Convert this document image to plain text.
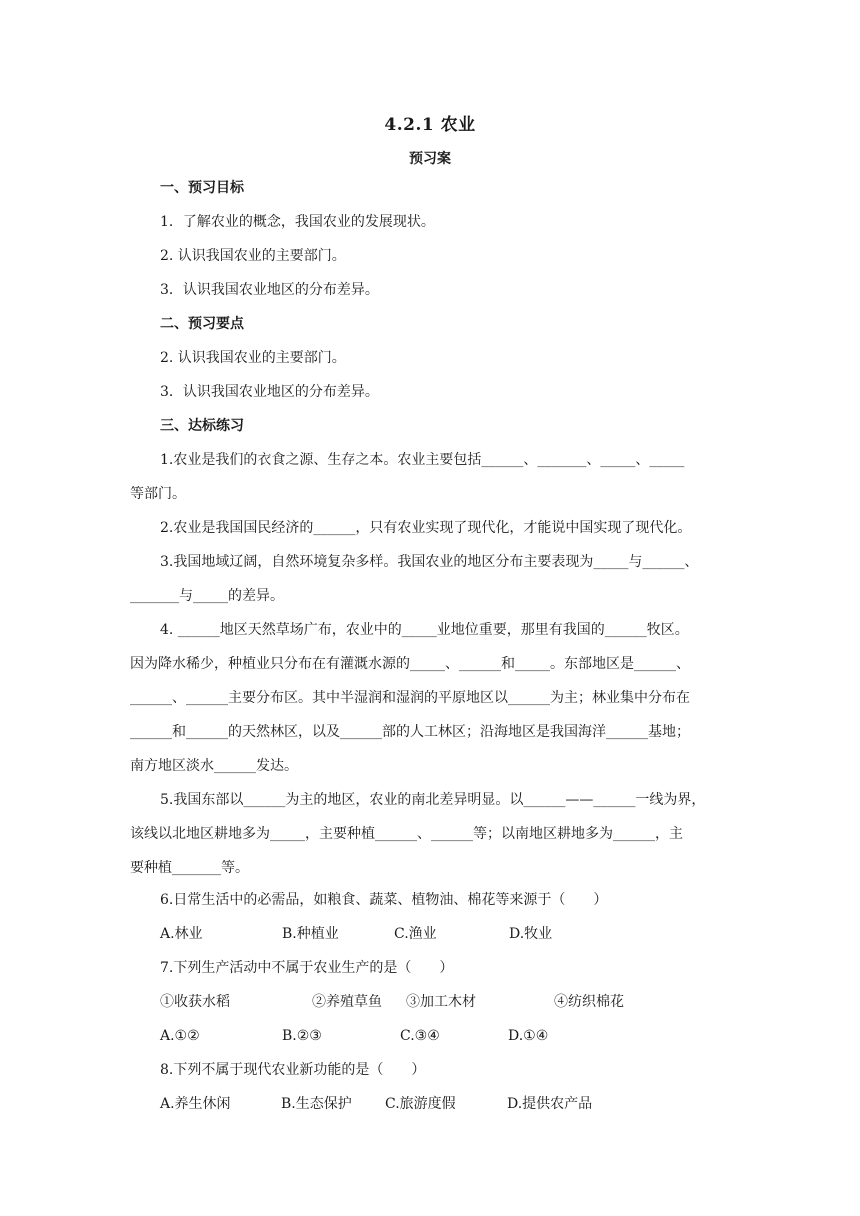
4.2.1 农业
预习案
一、预习目标
1．了解农业的概念，我国农业的发展现状。
2. 认识我国农业的主要部门。
3．认识我国农业地区的分布差异。
二、预习要点
2. 认识我国农业的主要部门。
3．认识我国农业地区的分布差异。
三、达标练习
1.农业是我们的衣食之源、生存之本。农业主要包括______、_______、_____、_____
等部门。
2.农业是我国国民经济的______，只有农业实现了现代化，才能说中国实现了现代化。
3.我国地域辽阔，自然环境复杂多样。我国农业的地区分布主要表现为_____与______、
_______与_____的差异。
4. ______地区天然草场广布，农业中的_____业地位重要，那里有我国的______牧区。
因为降水稀少，种植业只分布在有灌溉水源的_____、______和_____。东部地区是______、
______、______主要分布区。其中半湿润和湿润的平原地区以______为主；林业集中分布在
______和______的天然林区，以及______部的人工林区；沿海地区是我国海洋______基地；
南方地区淡水______发达。
5.我国东部以______为主的地区，农业的南北差异明显。以______——______一线为界，
该线以北地区耕地多为_____，主要种植______、______等；以南地区耕地多为______，主
要种植_______等。
6.日常生活中的必需品，如粮食、蔬菜、植物油、棉花等来源于（　　）
A.林业	B.种植业	C.渔业	D.牧业
7.下列生产活动中不属于农业生产的是（　　）
①收获水稻	②养殖草鱼 ③加工木材	④纺织棉花
A.①②	B.②③	C.③④	D.①④
8.下列不属于现代农业新功能的是（　　）
A.养生休闲	B.生态保护 C.旅游度假	D.提供农产品
